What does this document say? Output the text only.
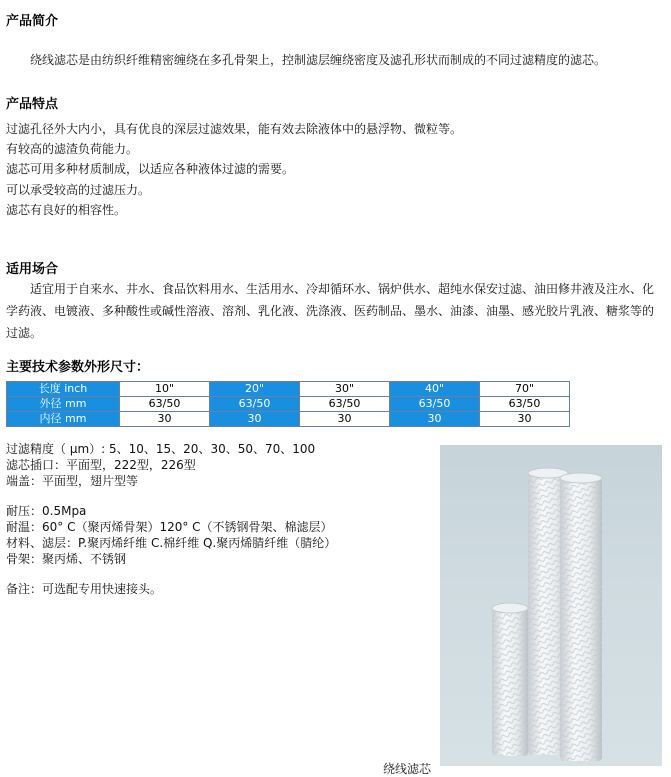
产品简介

绕线滤芯是由纺织纤维精密缠绕在多孔骨架上，控制滤层缠绕密度及滤孔形状而制成的不同过滤精度的滤芯。

产品特点
过滤孔径外大内小，具有优良的深层过滤效果，能有效去除液体中的悬浮物、微粒等。
有较高的滤渣负荷能力。
滤芯可用多种材质制成，以适应各种液体过滤的需要。
可以承受较高的过滤压力。
滤芯有良好的相容性。
适用场合

适宜用于自来水、井水、食品饮料用水、生活用水、冷却循环水、锅炉供水、超纯水保安过滤、油田修井液及注水、化学药液、电镀液、多种酸性或碱性溶液、溶剂、乳化液、洗涤液、医药制品、墨水、油漆、油墨、感光胶片乳液、糖浆等的过滤。

主要技术参数外形尺寸：
长度 inch	10"	20"	30"	40"	70"
外径 mm	63/50	63/50	63/50	63/50	63/50
内径 mm	30	30	30	30	30
过滤精度（ μm）: 5、10、15、20、30、50、70、100
滤芯插口：平面型，222型，226型
端盖：平面型，翅片型等
耐压：0.5Mpa
耐温：60° C（聚丙烯骨架）120° C（不锈钢骨架、棉滤层）
材料、滤层：P.聚丙烯纤维 C.棉纤维 Q.聚丙烯腈纤维（腈纶）
骨架：聚丙烯、不锈钢
备注：可选配专用快速接头。
绕线滤芯
